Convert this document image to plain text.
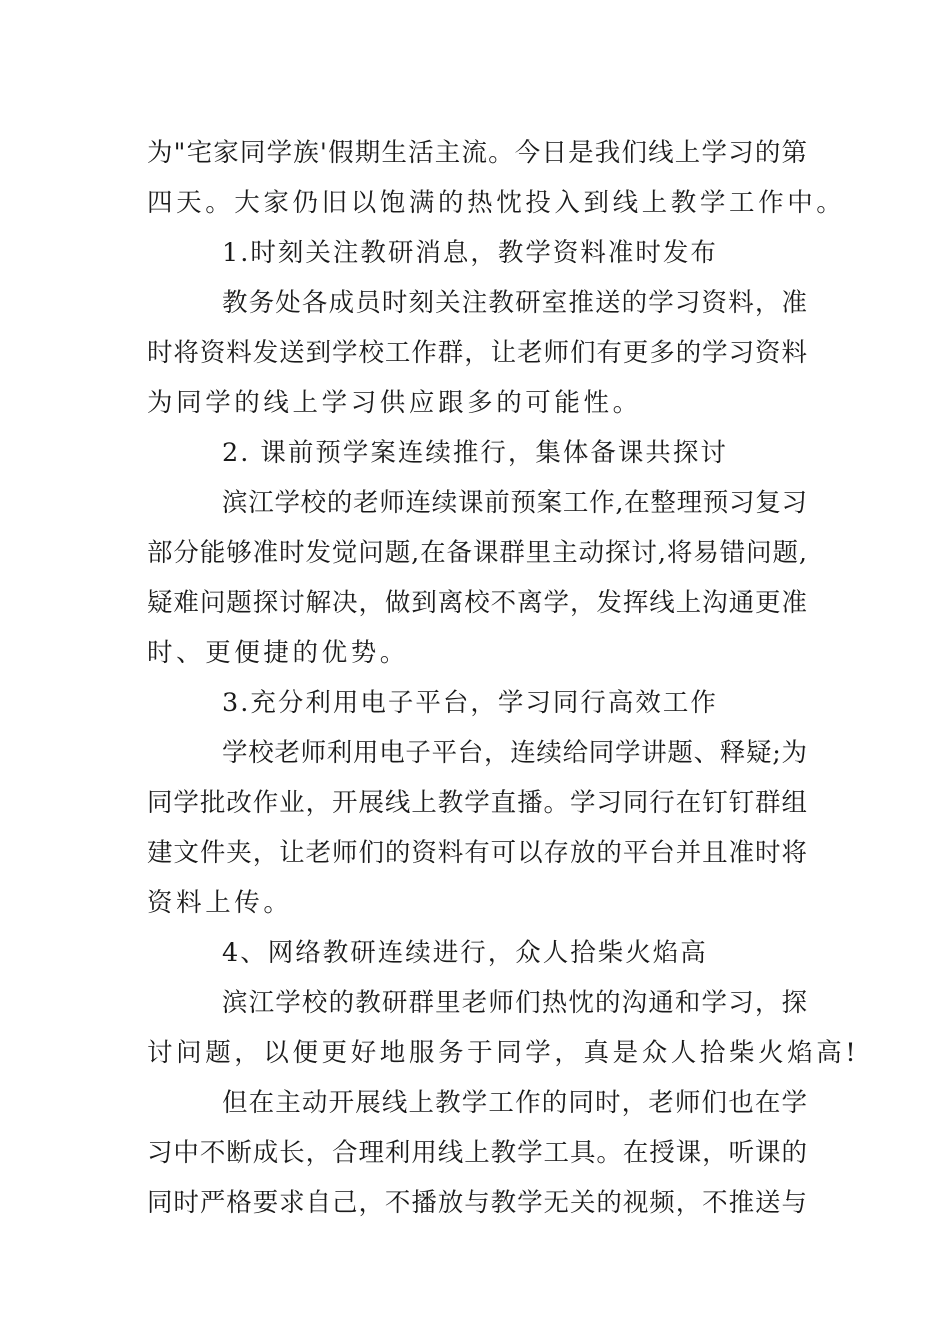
为"宅家同学族'假期生活主流。今日是我们线上学习的第
四天。大家仍旧以饱满的热忱投入到线上教学工作中。
1.时刻关注教研消息，教学资料准时发布
教务处各成员时刻关注教研室推送的学习资料，准
时将资料发送到学校工作群，让老师们有更多的学习资料
为同学的线上学习供应跟多的可能性。
2. 课前预学案连续推行，集体备课共探讨
滨江学校的老师连续课前预案工作,在整理预习复习
部分能够准时发觉问题,在备课群里主动探讨,将易错问题,
疑难问题探讨解决，做到离校不离学，发挥线上沟通更准
时、更便捷的优势。
3.充分利用电子平台，学习同行高效工作
学校老师利用电子平台，连续给同学讲题、释疑;为
同学批改作业，开展线上教学直播。学习同行在钉钉群组
建文件夹，让老师们的资料有可以存放的平台并且准时将
资料上传。
4、网络教研连续进行，众人拾柴火焰高
滨江学校的教研群里老师们热忱的沟通和学习，探
讨问题，以便更好地服务于同学，真是众人拾柴火焰高!
但在主动开展线上教学工作的同时，老师们也在学
习中不断成长，合理利用线上教学工具。在授课，听课的
同时严格要求自己，不播放与教学无关的视频，不推送与
